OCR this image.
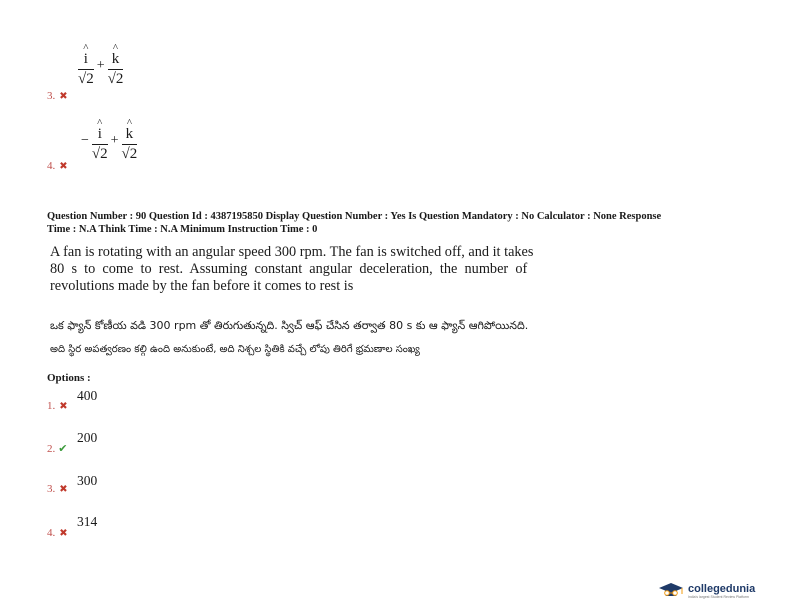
^
i
√2 + ^
k
√2
3. ✖
− ^
i
√2 + ^
k
√2
4. ✖
Question Number : 90 Question Id : 4387195850 Display Question Number : Yes Is Question Mandatory : No Calculator : None Response
Time : N.A Think Time : N.A Minimum Instruction Time : 0
A fan is rotating with an angular speed 300 rpm. The fan is switched off, and it takes
80  s  to  come  to  rest.  Assuming  constant  angular  deceleration,  the  number  of
revolutions made by the fan before it comes to rest is
ఒక ఫ్యాన్ కోణీయ వడి 300 rpm తో తిరుగుతున్నది. స్విచ్ ఆఫ్ చేసిన తర్వాత 80 s కు ఆ ఫ్యాన్ ఆగిపోయినది.
అది స్థిర అపత్వరణం కల్గి ఉంది అనుకుంటే, అది నిశ్చల స్థితికి వచ్చే లోపు తిరిగే భ్రమణాల సంఖ్య
Options :
400
1. ✖
200
2. ✔
300
3. ✖
314
4. ✖
collegedunia
India's largest Student Review Platform
